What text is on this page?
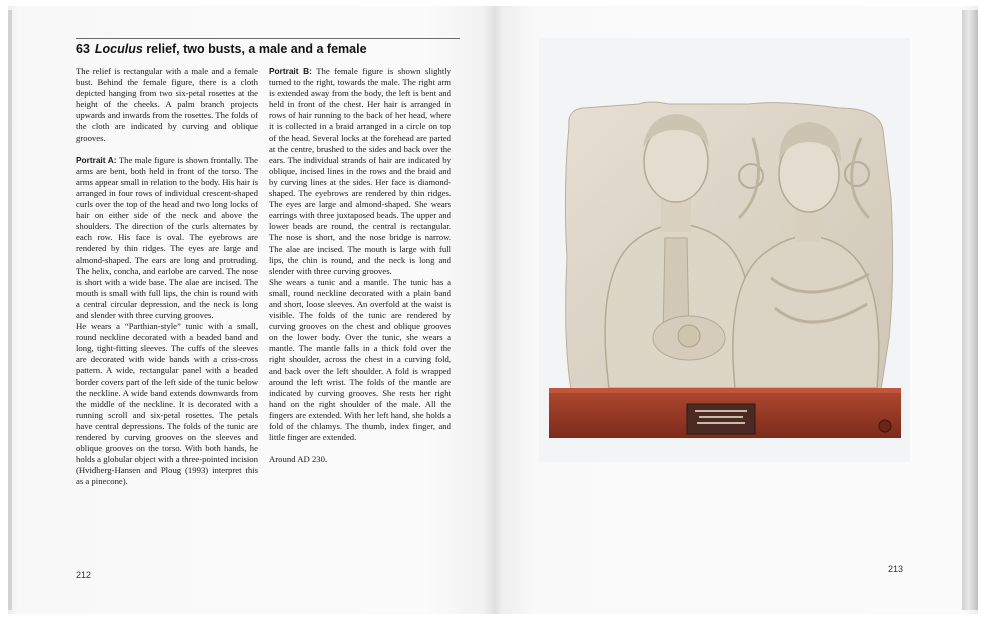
63 Loculus relief, two busts, a male and a female

The relief is rectangular with a male and a female bust. Behind the female figure, there is a cloth depicted hanging from two six-petal rosettes at the height of the cheeks. A palm branch projects upwards and inwards from the rosettes. The folds of the cloth are indicated by curving and oblique grooves.

Portrait A: The male figure is shown frontally. The arms are bent, both held in front of the torso. The arms appear small in relation to the body. His hair is arranged in four rows of individual crescent-shaped curls over the top of the head and two long locks of hair on either side of the neck and above the shoulders. The direction of the curls alternates by each row. His face is oval. The eyebrows are rendered by thin ridges. The eyes are large and almond-shaped. The ears are long and protruding. The helix, concha, and earlobe are carved. The nose is short with a wide base. The alae are incised. The mouth is small with full lips, the chin is round with a central circular depression, and the neck is long and slender with three curving grooves.

He wears a “Parthian-style” tunic with a small, round neckline decorated with a beaded band and long, tight-fitting sleeves. The cuffs of the sleeves are decorated with wide bands with a criss-cross pattern. A wide, rectangular panel with a beaded border covers part of the left side of the tunic below the neckline. A wide band extends downwards from the middle of the neckline. It is decorated with a running scroll and six-petal rosettes. The petals have central depressions. The folds of the tunic are rendered by curving grooves on the sleeves and oblique grooves on the torso. With both hands, he holds a globular object with a three-pointed incision (Hvidberg-Hansen and Ploug (1993) interpret this as a pinecone).

Portrait B: The female figure is shown slightly turned to the right, towards the male. The right arm is extended away from the body, the left is bent and held in front of the chest. Her hair is arranged in rows of hair running to the back of her head, where it is collected in a braid arranged in a circle on top of the head. Several locks at the forehead are parted at the centre, brushed to the sides and back over the ears. The individual strands of hair are indicated by oblique, incised lines in the rows and the braid and by curving lines at the sides. Her face is diamond-shaped. The eyebrows are rendered by thin ridges. The eyes are large and almond-shaped. She wears earrings with three juxtaposed beads. The upper and lower beads are round, the central is rectangular. The nose is short, and the nose bridge is narrow. The alae are incised. The mouth is large with full lips, the chin is round, and the neck is long and slender with three curving grooves.

She wears a tunic and a mantle. The tunic has a small, round neckline decorated with a plain band and short, loose sleeves. An overfold at the waist is visible. The folds of the tunic are rendered by curving grooves on the chest and oblique grooves on the lower body. Over the tunic, she wears a mantle. The mantle falls in a thick fold over the right shoulder, across the chest in a curving fold, and back over the left shoulder. A fold is wrapped around the left wrist. The folds of the mantle are indicated by curving grooves. She rests her right hand on the right shoulder of the male. All the fingers are extended. With her left hand, she holds a fold of the chlamys. The thumb, index finger, and little finger are extended.

Around AD 230.

212
213
